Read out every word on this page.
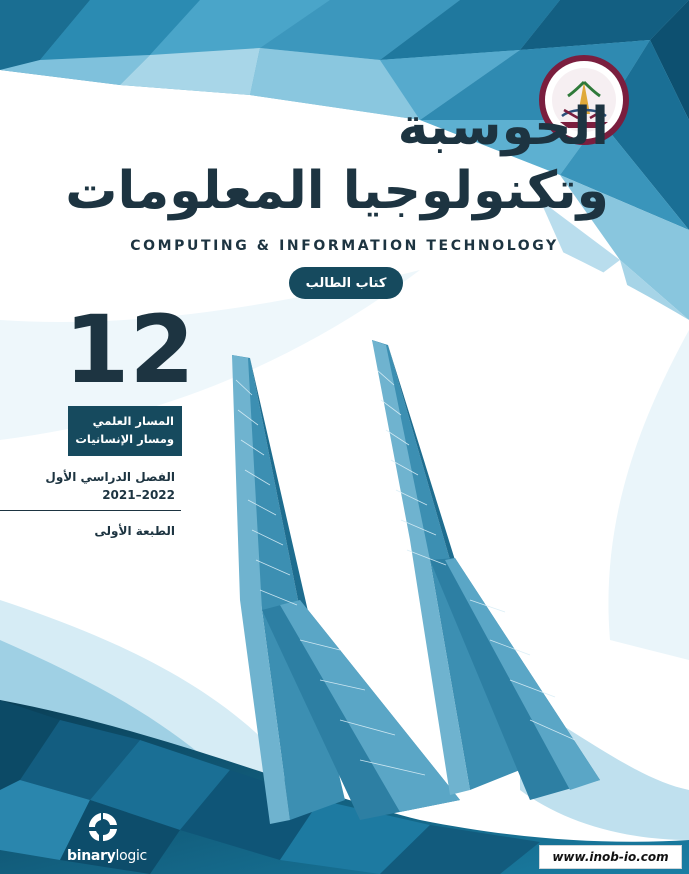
الحوسبة
وتكنولوجيا المعلومات
COMPUTING & INFORMATION TECHNOLOGY
كتاب الطالب
12
المسار العلمي
ومسار الإنسانيات
الفصل الدراسي الأول
2021–2022
الطبعة الأولى
binarylogic	www.inob-io.com
